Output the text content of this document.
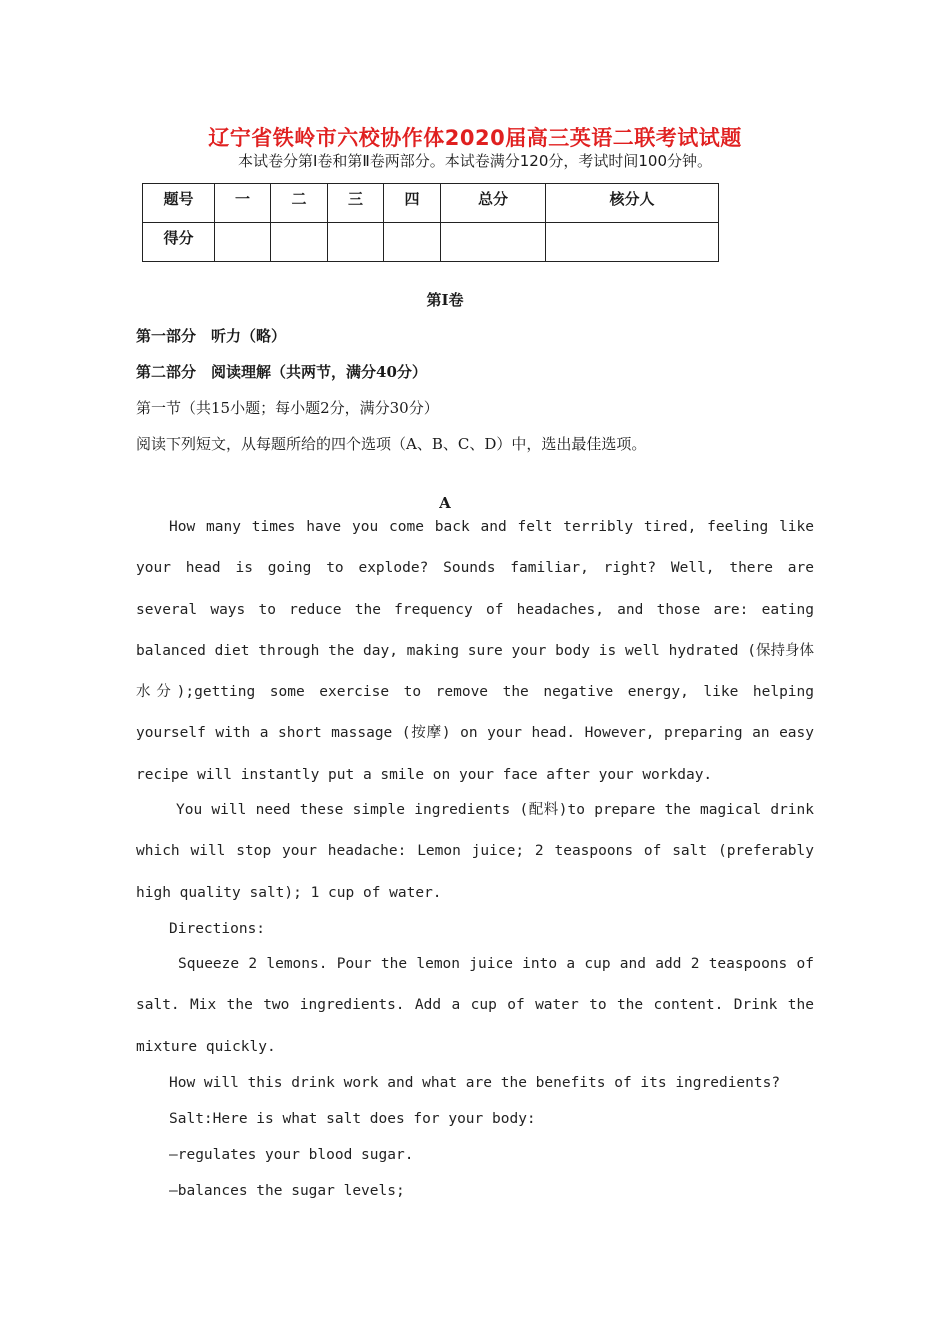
辽宁省铁岭市六校协作体2020届高三英语二联考试试题
本试卷分第Ⅰ卷和第Ⅱ卷两部分。本试卷满分120分，考试时间100分钟。
题号	一	二	三	四	总分	核分人
得分						
第Ⅰ卷
第一部分　听力（略）
第二部分　阅读理解（共两节，满分40分）
第一节（共15小题；每小题2分，满分30分）
阅读下列短文，从每题所给的四个选项（A、B、C、D）中，选出最佳选项。
A

How many times have you come back and felt terribly tired, feeling like your head is going to explode? Sounds familiar, right? Well, there are several ways to reduce the frequency of headaches, and those are: eating balanced diet through the day, making sure your body is well hydrated (保持身体水分);getting some exercise to remove the negative energy, like helping yourself with a short massage (按摩) on your head. However, preparing an easy recipe will instantly put a smile on your face after your workday.

You will need these simple ingredients (配料)to prepare the magical drink which will stop your headache: Lemon juice; 2 teaspoons of salt (preferably high quality salt); 1 cup of water.

Directions:

Squeeze 2 lemons. Pour the lemon juice into a cup and add 2 teaspoons of salt. Mix the two ingredients. Add a cup of water to the content. Drink the mixture quickly.

How will this drink work and what are the benefits of its ingredients?
Salt:Here is what salt does for your body:
—regulates your blood sugar.
—balances the sugar levels;
